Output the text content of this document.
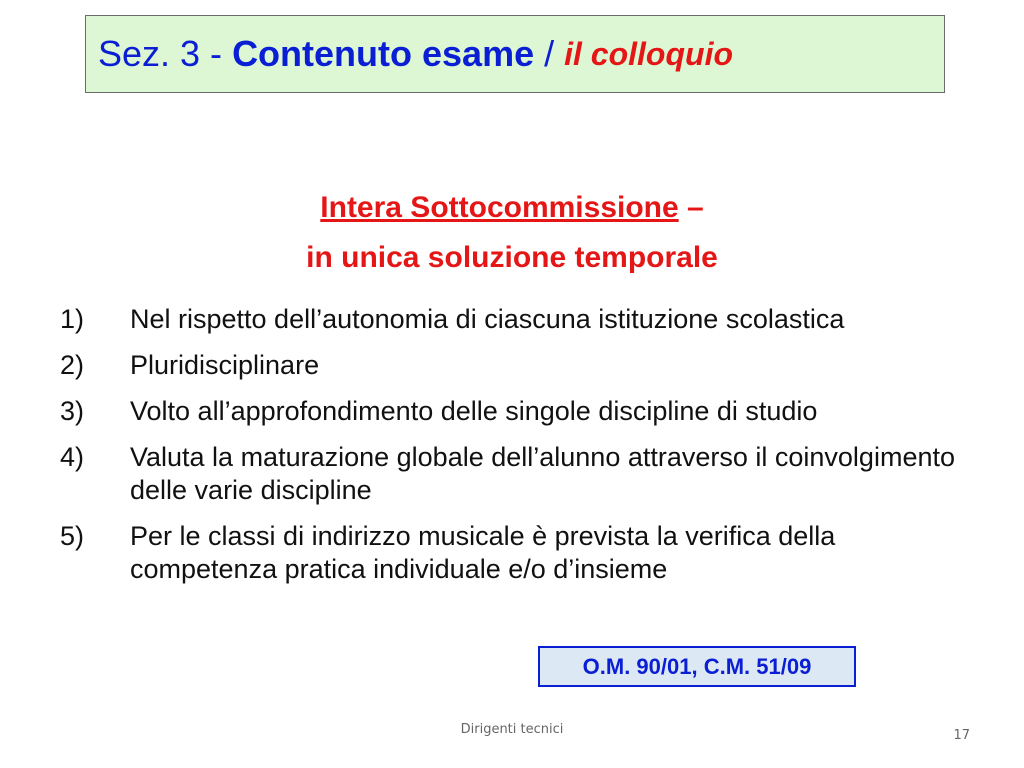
Sez. 3 - Contenuto esame / il colloquio
Intera Sottocommissione –
in unica soluzione temporale
1)	Nel rispetto dell’autonomia di ciascuna istituzione scolastica
2)	Pluridisciplinare
3)	Volto all’approfondimento delle singole discipline di studio
4)	Valuta la maturazione globale dell’alunno attraverso il coinvolgimento delle varie discipline
5)	Per le classi di indirizzo musicale è prevista la verifica della competenza pratica individuale e/o d’insieme
O.M. 90/01, C.M. 51/09
Dirigenti tecnici	17
